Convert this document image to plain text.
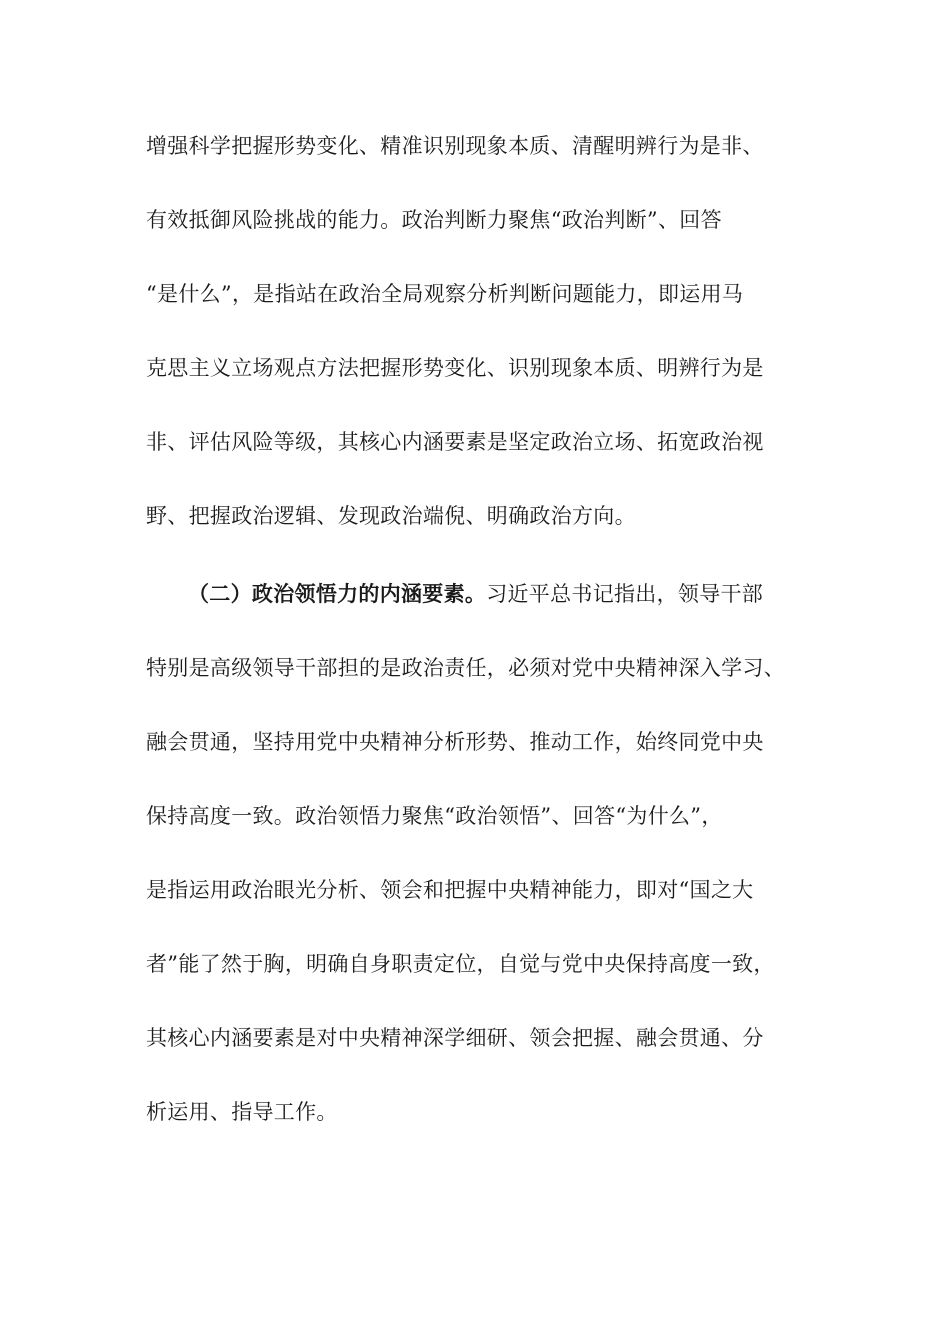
增强科学把握形势变化、精准识别现象本质、清醒明辨行为是非、
有效抵御风险挑战的能力。政治判断力聚焦“政治判断”、回答
“是什么”，是指站在政治全局观察分析判断问题能力，即运用马
克思主义立场观点方法把握形势变化、识别现象本质、明辨行为是
非、评估风险等级，其核心内涵要素是坚定政治立场、拓宽政治视
野、把握政治逻辑、发现政治端倪、明确政治方向。
（二）政治领悟力的内涵要素。习近平总书记指出，领导干部
特别是高级领导干部担的是政治责任，必须对党中央精神深入学习、
融会贯通，坚持用党中央精神分析形势、推动工作，始终同党中央
保持高度一致。政治领悟力聚焦“政治领悟”、回答“为什么”，
是指运用政治眼光分析、领会和把握中央精神能力，即对“国之大
者”能了然于胸，明确自身职责定位，自觉与党中央保持高度一致，
其核心内涵要素是对中央精神深学细研、领会把握、融会贯通、分
析运用、指导工作。
